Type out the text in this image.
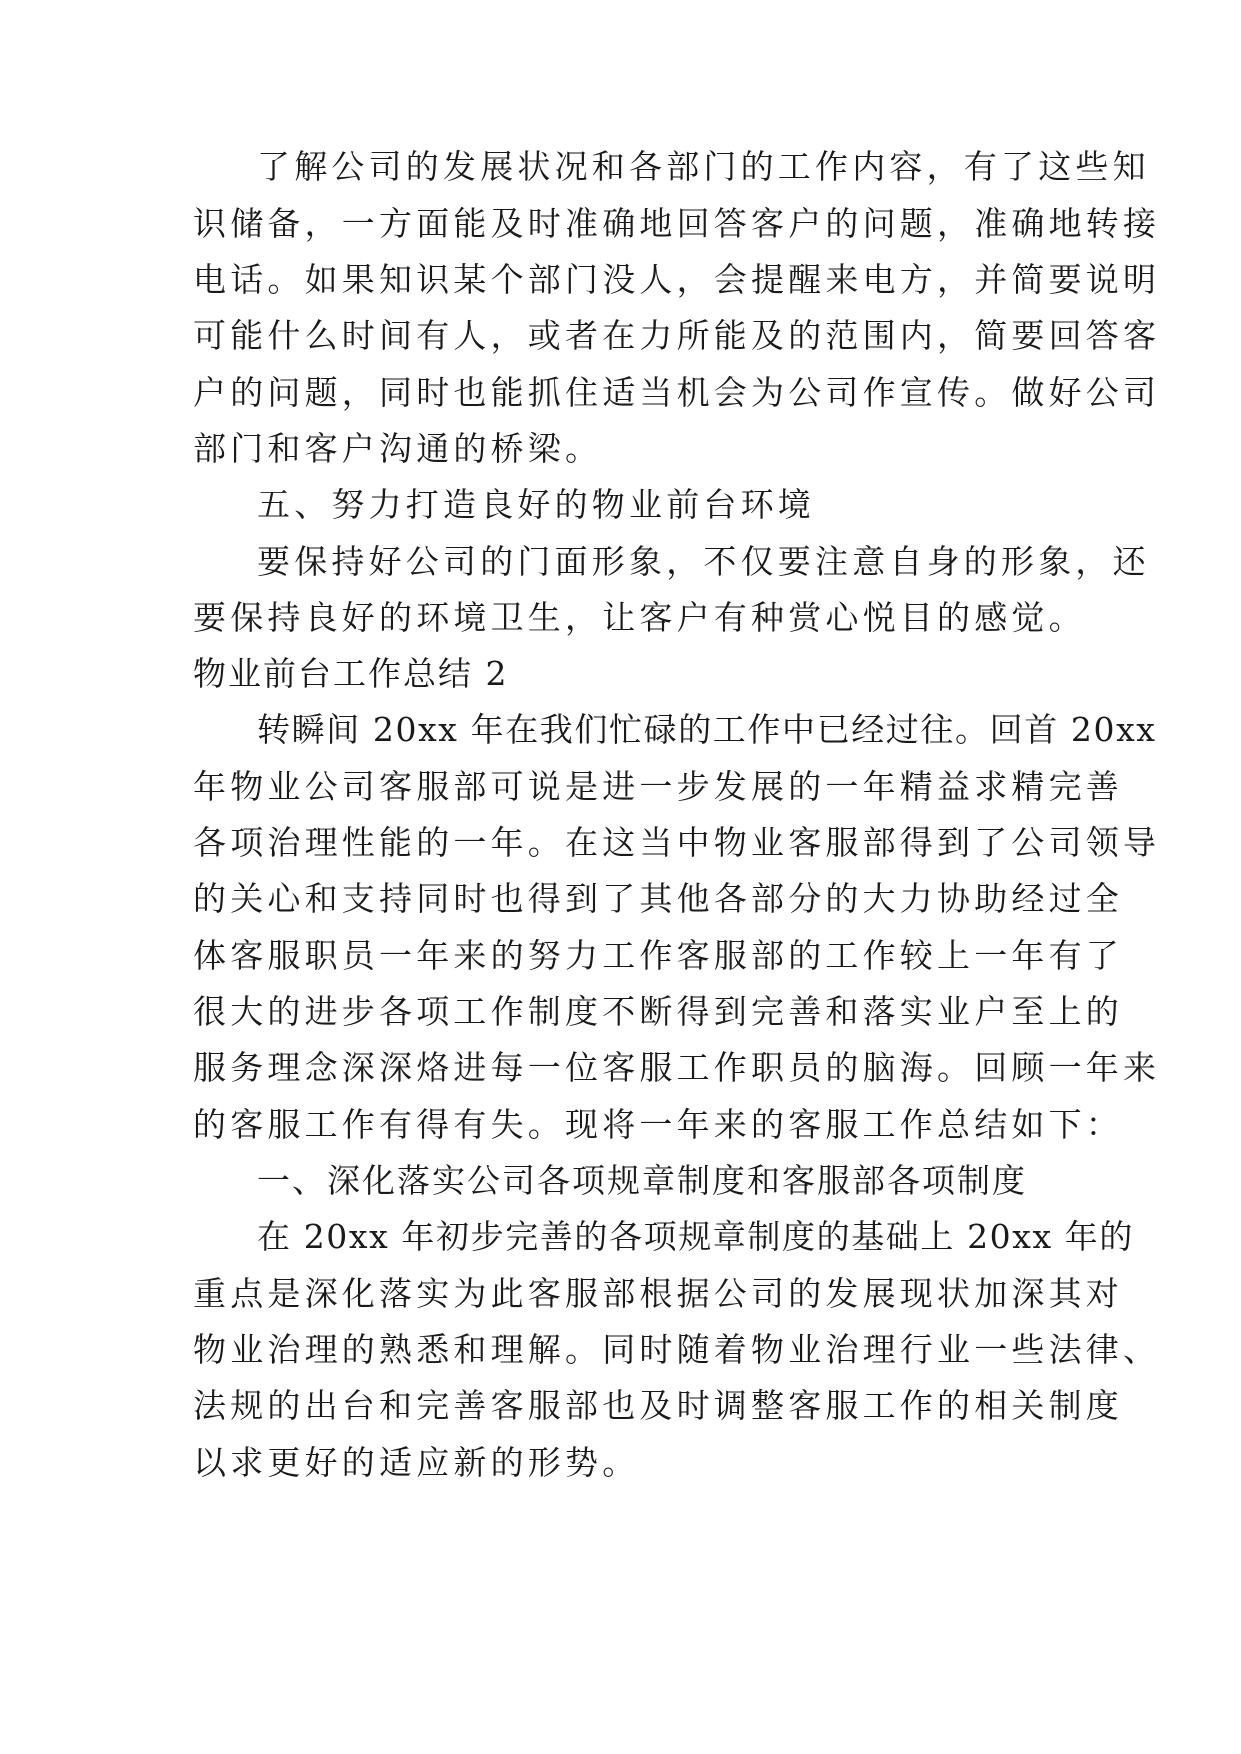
了解公司的发展状况和各部门的工作内容，有了这些知
识储备，一方面能及时准确地回答客户的问题，准确地转接
电话。如果知识某个部门没人，会提醒来电方，并简要说明
可能什么时间有人，或者在力所能及的范围内，简要回答客
户的问题，同时也能抓住适当机会为公司作宣传。做好公司
部门和客户沟通的桥梁。
五、努力打造良好的物业前台环境
要保持好公司的门面形象，不仅要注意自身的形象，还
要保持良好的环境卫生，让客户有种赏心悦目的感觉。
物业前台工作总结 2
转瞬间 20xx 年在我们忙碌的工作中已经过往。回首 20xx
年物业公司客服部可说是进一步发展的一年精益求精完善
各项治理性能的一年。在这当中物业客服部得到了公司领导
的关心和支持同时也得到了其他各部分的大力协助经过全
体客服职员一年来的努力工作客服部的工作较上一年有了
很大的进步各项工作制度不断得到完善和落实业户至上的
服务理念深深烙进每一位客服工作职员的脑海。回顾一年来
的客服工作有得有失。现将一年来的客服工作总结如下：
一、深化落实公司各项规章制度和客服部各项制度
在 20xx 年初步完善的各项规章制度的基础上 20xx 年的
重点是深化落实为此客服部根据公司的发展现状加深其对
物业治理的熟悉和理解。同时随着物业治理行业一些法律、
法规的出台和完善客服部也及时调整客服工作的相关制度
以求更好的适应新的形势。
